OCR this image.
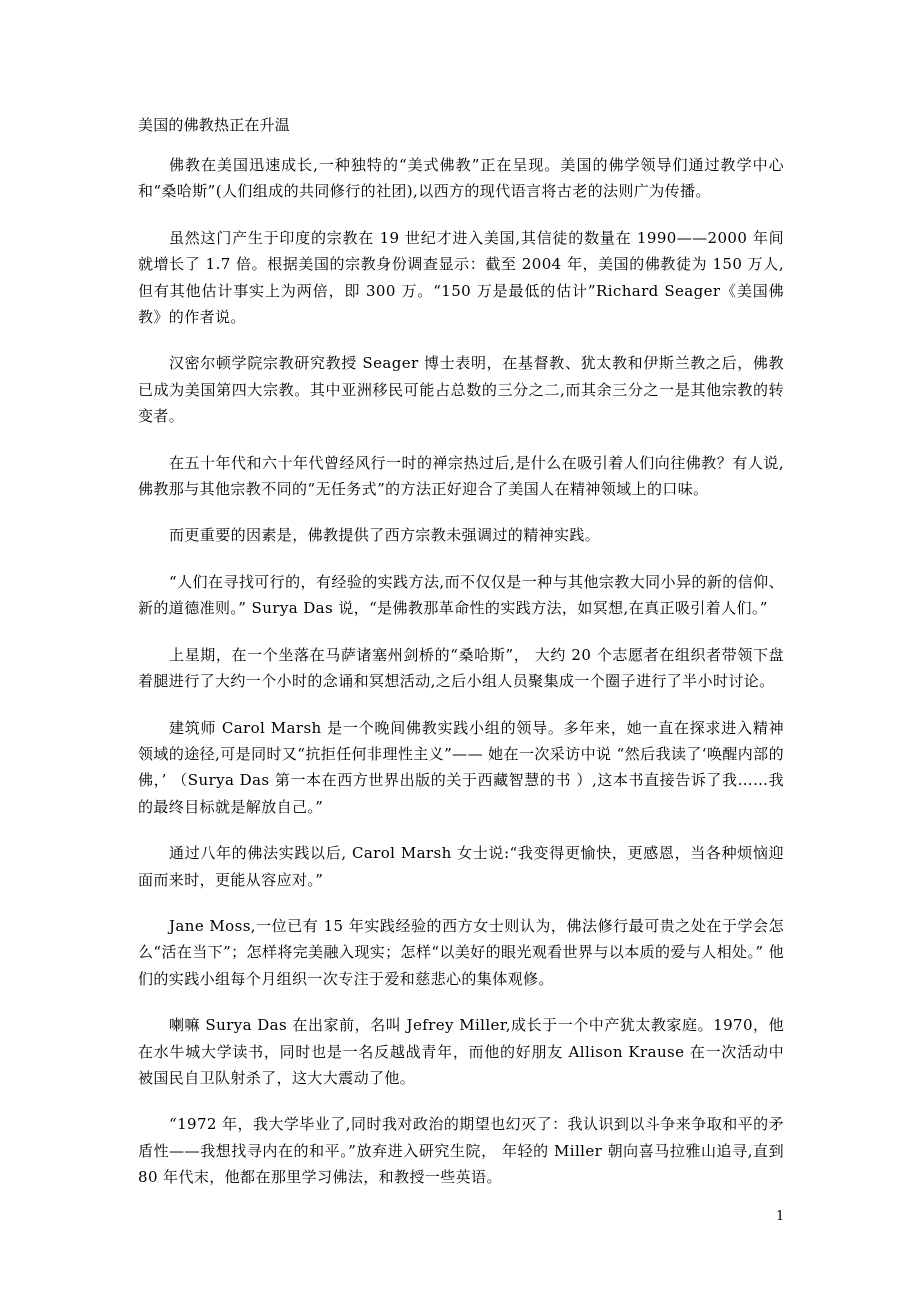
美国的佛教热正在升温

佛教在美国迅速成长,一种独特的“美式佛教”正在呈现。美国的佛学领导们通过教学中心和“桑哈斯”(人们组成的共同修行的社团),以西方的现代语言将古老的法则广为传播。

虽然这门产生于印度的宗教在 19 世纪才进入美国,其信徒的数量在 1990——2000 年间就增长了 1.7 倍。根据美国的宗教身份调查显示：截至 2004 年，美国的佛教徒为 150 万人,但有其他估计事实上为两倍，即 300 万。“150 万是最低的估计”Richard Seager《美国佛教》的作者说。

汉密尔顿学院宗教研究教授 Seager 博士表明，在基督教、犹太教和伊斯兰教之后，佛教已成为美国第四大宗教。其中亚洲移民可能占总数的三分之二,而其余三分之一是其他宗教的转变者。

在五十年代和六十年代曾经风行一时的禅宗热过后,是什么在吸引着人们向往佛教？有人说,佛教那与其他宗教不同的“无任务式”的方法正好迎合了美国人在精神领域上的口味。

而更重要的因素是，佛教提供了西方宗教未强调过的精神实践。

“人们在寻找可行的，有经验的实践方法,而不仅仅是一种与其他宗教大同小异的新的信仰、新的道德准则。” Surya Das 说，“是佛教那革命性的实践方法，如冥想,在真正吸引着人们。”

上星期，在一个坐落在马萨诸塞州剑桥的“桑哈斯”， 大约 20 个志愿者在组织者带领下盘着腿进行了大约一个小时的念诵和冥想活动,之后小组人员聚集成一个圈子进行了半小时讨论。

建筑师 Carol Marsh 是一个晚间佛教实践小组的领导。多年来，她一直在探求进入精神领域的途径,可是同时又“抗拒任何非理性主义”—— 她在一次采访中说 “然后我读了‘唤醒内部的佛，’ （Surya Das 第一本在西方世界出版的关于西藏智慧的书 ）,这本书直接告诉了我……我的最终目标就是解放自己。”

通过八年的佛法实践以后, Carol Marsh 女士说:“我变得更愉快，更感恩，当各种烦恼迎面而来时，更能从容应对。”

Jane Moss,一位已有 15 年实践经验的西方女士则认为，佛法修行最可贵之处在于学会怎么“活在当下”；怎样将完美融入现实；怎样“以美好的眼光观看世界与以本质的爱与人相处。” 他们的实践小组每个月组织一次专注于爱和慈悲心的集体观修。

喇嘛 Surya Das 在出家前，名叫 Jefrey Miller,成长于一个中产犹太教家庭。1970，他在水牛城大学读书，同时也是一名反越战青年，而他的好朋友 Allison Krause 在一次活动中被国民自卫队射杀了，这大大震动了他。

“1972 年，我大学毕业了,同时我对政治的期望也幻灭了：我认识到以斗争来争取和平的矛盾性——我想找寻内在的和平。”放弃进入研究生院， 年轻的 Miller 朝向喜马拉雅山追寻,直到 80 年代末，他都在那里学习佛法，和教授一些英语。

1
